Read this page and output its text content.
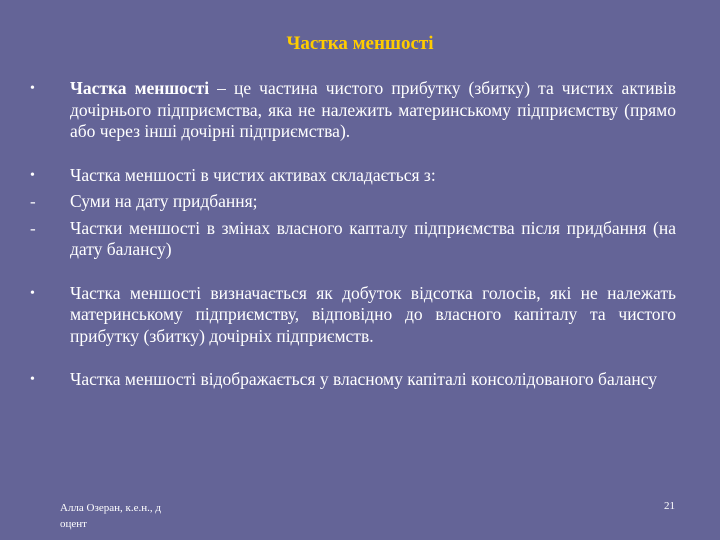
Частка меншості
•	Частка меншості – це частина чистого прибутку (збитку) та чистих активів дочірнього підприємства, яка не належить материнському підприємству (прямо або через інші дочірні підприємства).
•	Частка меншості в чистих активах складається з:
-	Суми на дату придбання;
-	Частки меншості в змінах власного капталу підприємства після придбання (на дату балансу)
•	Частка меншості визначається як добуток відсотка голосів, які не належать материнському підприємству, відповідно до власного капіталу та чистого прибутку (збитку) дочірніх підприємств.
•	Частка меншості відображається у власному капіталі консолідованого балансу
Алла Озеран, к.е.н., д
оцент
21
